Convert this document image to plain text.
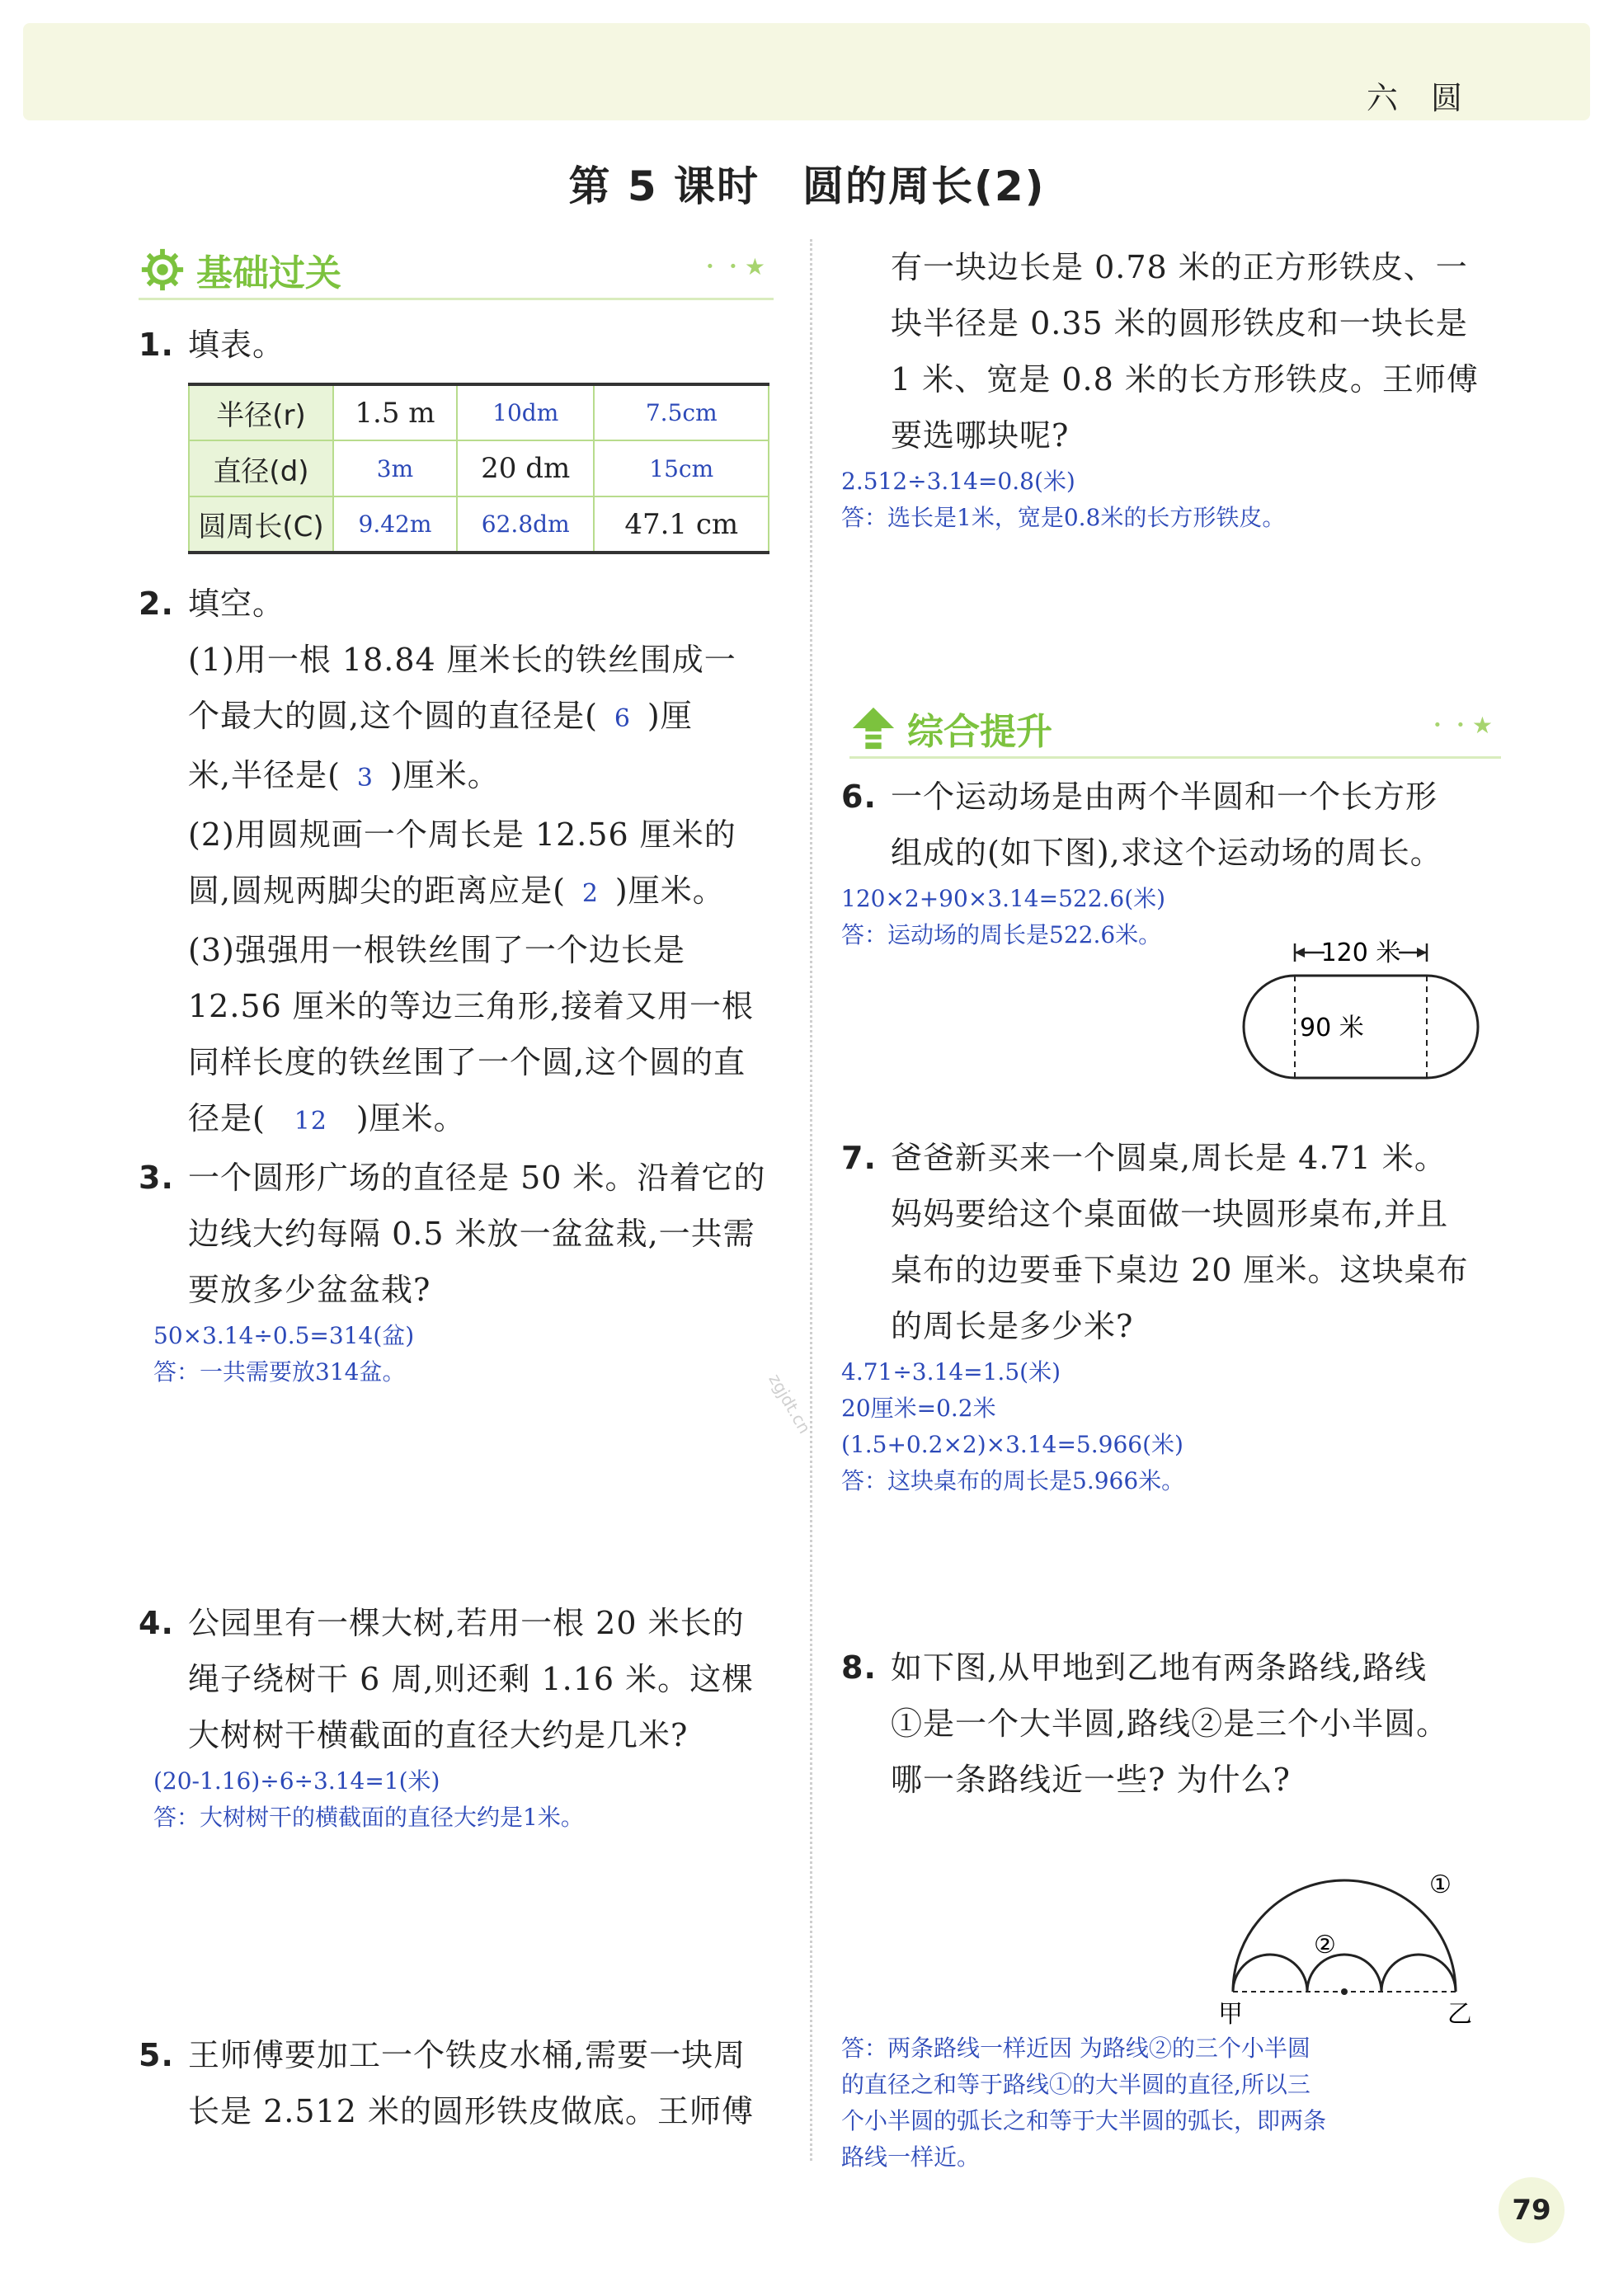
六 圆
第 5 课时　圆的周长(2)
基础过关	・・★
1. 填表。
半径(r)	1.5 m	10dm	7.5cm
直径(d)	3m	20 dm	15cm
圆周长(C)	9.42m	62.8dm	47.1 cm
2. 填空。
(1)用一根 18.84 厘米长的铁丝围成一
个最大的圆,这个圆的直径是( 6 )厘
米,半径是( 3 )厘米。
(2)用圆规画一个周长是 12.56 厘米的
圆,圆规两脚尖的距离应是( 2 )厘米。
(3)强强用一根铁丝围了一个边长是
12.56 厘米的等边三角形,接着又用一根
同样长度的铁丝围了一个圆,这个圆的直
径是( 12 )厘米。
3. 一个圆形广场的直径是 50 米。沿着它的
边线大约每隔 0.5 米放一盆盆栽,一共需
要放多少盆盆栽?
50×3.14÷0.5=314(盆)
答：一共需要放314盆。
4. 公园里有一棵大树,若用一根 20 米长的
绳子绕树干 6 周,则还剩 1.16 米。这棵
大树树干横截面的直径大约是几米?
(20-1.16)÷6÷3.14=1(米)
答：大树树干的横截面的直径大约是1米。
5. 王师傅要加工一个铁皮水桶,需要一块周
长是 2.512 米的圆形铁皮做底。王师傅
zgjdt.cn
有一块边长是 0.78 米的正方形铁皮、一
块半径是 0.35 米的圆形铁皮和一块长是
1 米、宽是 0.8 米的长方形铁皮。王师傅
要选哪块呢?
2.512÷3.14=0.8(米)
答：选长是1米，宽是0.8米的长方形铁皮。
综合提升	・・★
6. 一个运动场是由两个半圆和一个长方形
组成的(如下图),求这个运动场的周长。
120×2+90×3.14=522.6(米)
答：运动场的周长是522.6米。
7. 爸爸新买来一个圆桌,周长是 4.71 米。
妈妈要给这个桌面做一块圆形桌布,并且
桌布的边要垂下桌边 20 厘米。这块桌布
的周长是多少米?
4.71÷3.14=1.5(米)
20厘米=0.2米
(1.5+0.2×2)×3.14=5.966(米)
答：这块桌布的周长是5.966米。
8. 如下图,从甲地到乙地有两条路线,路线
①是一个大半圆,路线②是三个小半圆。
哪一条路线近一些? 为什么?
120 米
90 米
①
②
甲	乙
答：两条路线一样近因 为路线②的三个小半圆
的直径之和等于路线①的大半圆的直径,所以三
个小半圆的弧长之和等于大半圆的弧长，即两条
路线一样近。
79
